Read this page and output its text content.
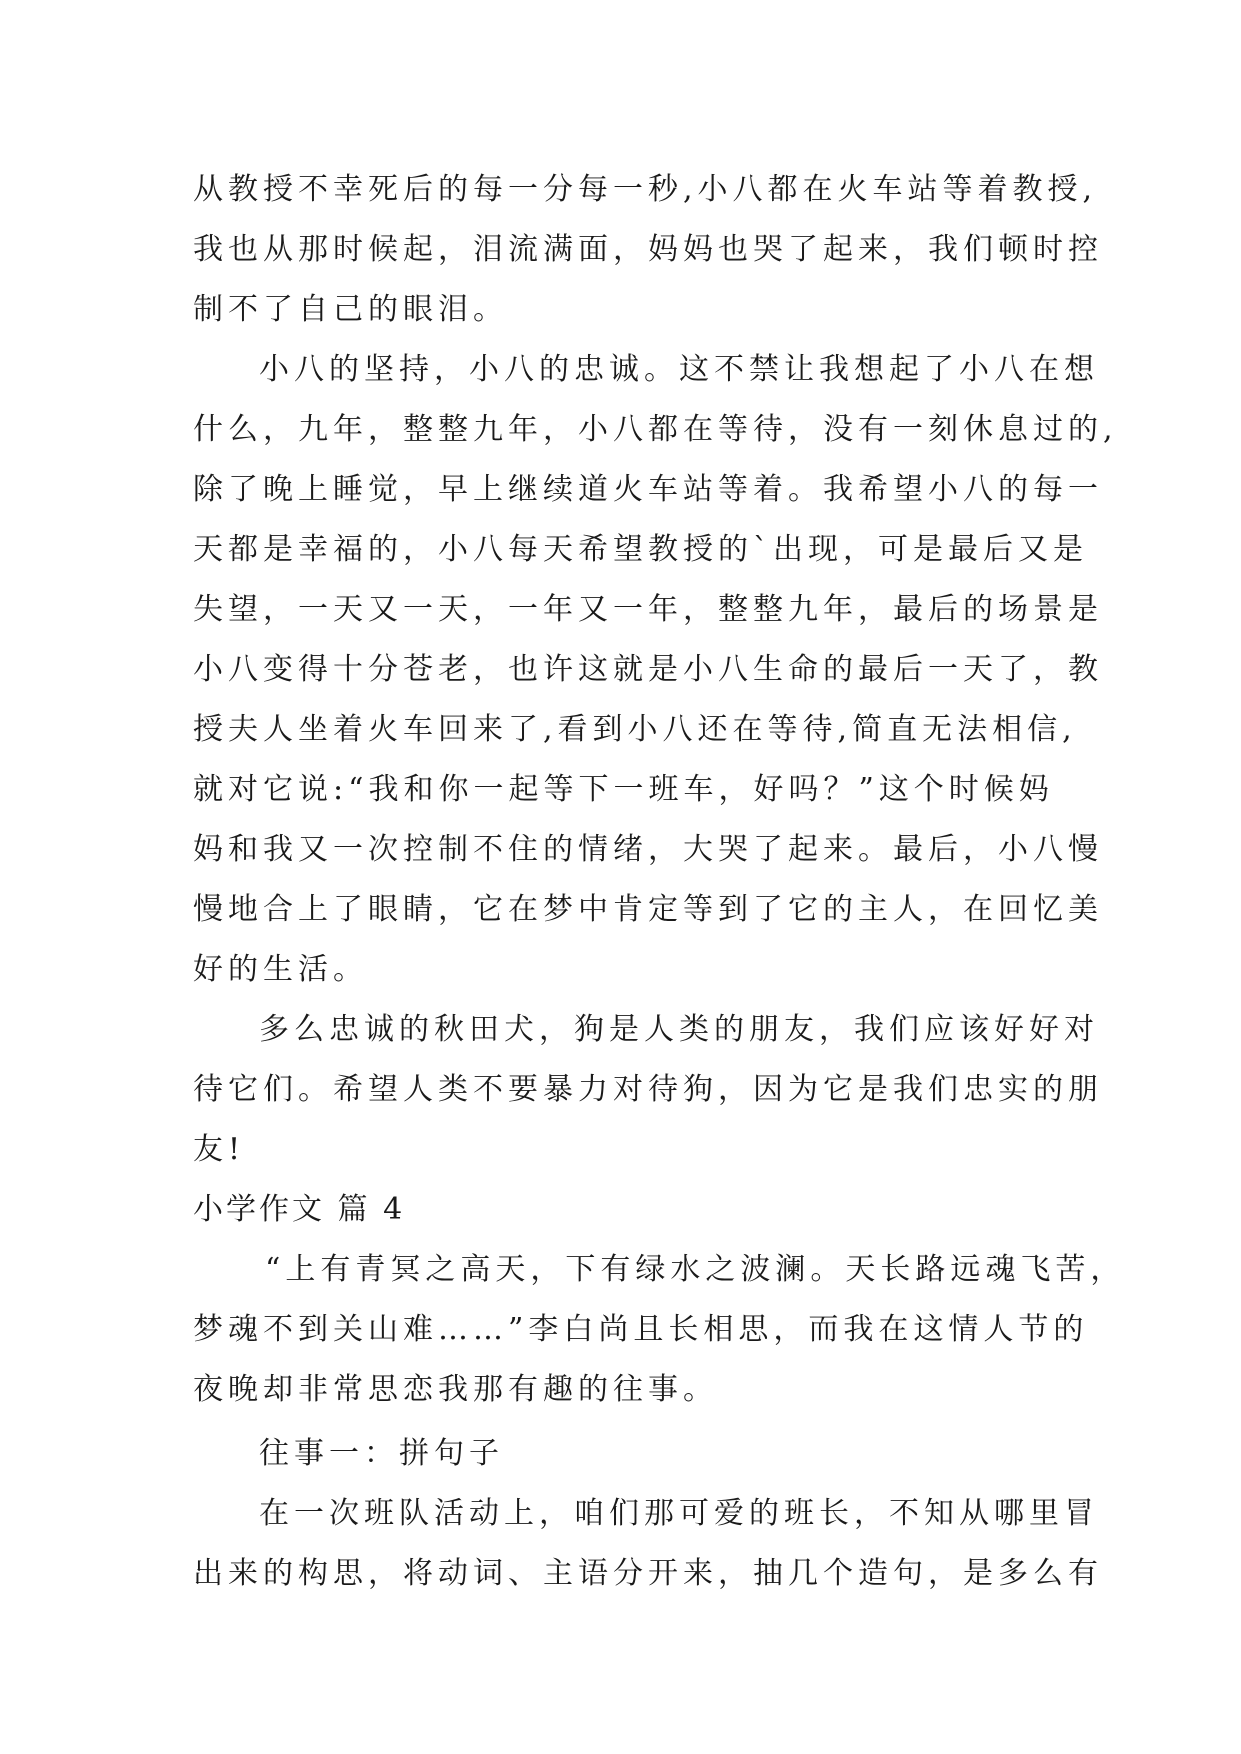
从教授不幸死后的每一分每一秒,小八都在火车站等着教授,
我也从那时候起，泪流满面，妈妈也哭了起来，我们顿时控
制不了自己的眼泪。
小八的坚持，小八的忠诚。这不禁让我想起了小八在想
什么，九年，整整九年，小八都在等待，没有一刻休息过的,
除了晚上睡觉，早上继续道火车站等着。我希望小八的每一
天都是幸福的，小八每天希望教授的`出现，可是最后又是
失望，一天又一天，一年又一年，整整九年，最后的场景是
小八变得十分苍老，也许这就是小八生命的最后一天了，教
授夫人坐着火车回来了,看到小八还在等待,简直无法相信,
就对它说:“我和你一起等下一班车，好吗？”这个时候妈
妈和我又一次控制不住的情绪，大哭了起来。最后，小八慢
慢地合上了眼睛，它在梦中肯定等到了它的主人，在回忆美
好的生活。
多么忠诚的秋田犬，狗是人类的朋友，我们应该好好对
待它们。希望人类不要暴力对待狗，因为它是我们忠实的朋
友!
小学作文 篇 4
“上有青冥之高天，下有绿水之波澜。天长路远魂飞苦，
梦魂不到关山难……”李白尚且长相思，而我在这情人节的
夜晚却非常思恋我那有趣的往事。
往事一：拼句子
在一次班队活动上，咱们那可爱的班长，不知从哪里冒
出来的构思，将动词、主语分开来，抽几个造句，是多么有
